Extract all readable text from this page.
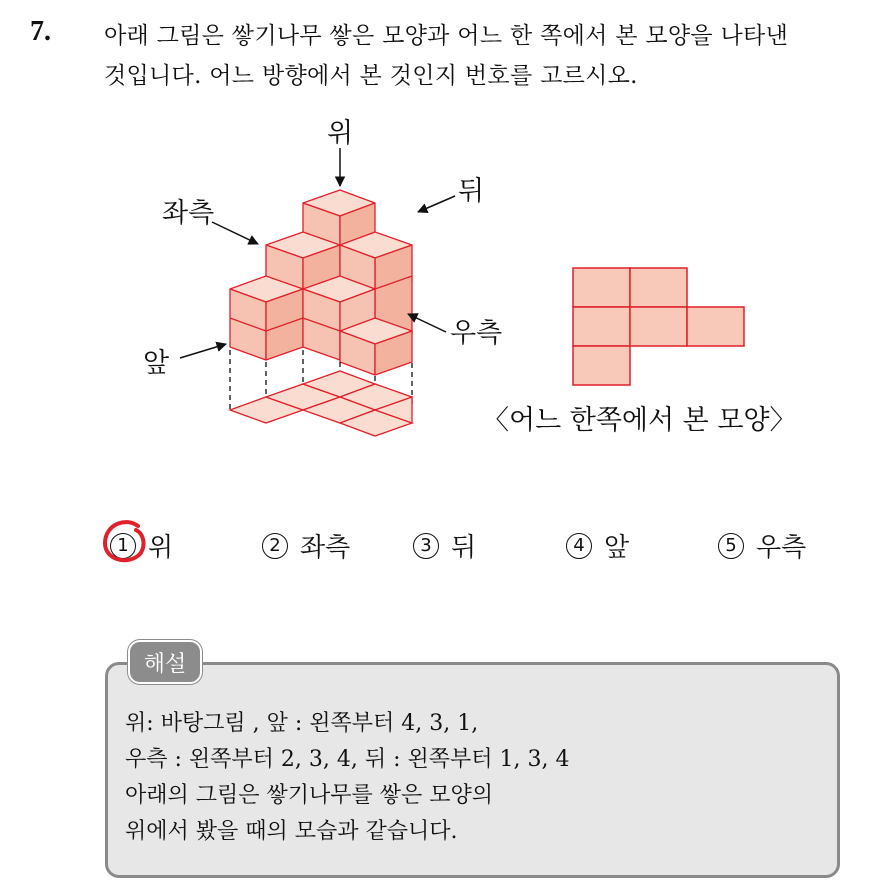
7. 아래 그림은 쌓기나무 쌓은 모양과 어느 한 쪽에서 본 모양을 나타낸
것입니다. 어느 방향에서 본 것인지 번호를 고르시오.
위
좌측
뒤
우측
앞
〈어느 한쪽에서 본 모양〉
1 위	2 좌측	3 뒤	4 앞	5 우측
해설
위: 바탕그림 , 앞 : 왼쪽부터 4, 3, 1,
우측 : 왼쪽부터 2, 3, 4, 뒤 : 왼쪽부터 1, 3, 4
아래의 그림은 쌓기나무를 쌓은 모양의
위에서 봤을 때의 모습과 같습니다.
